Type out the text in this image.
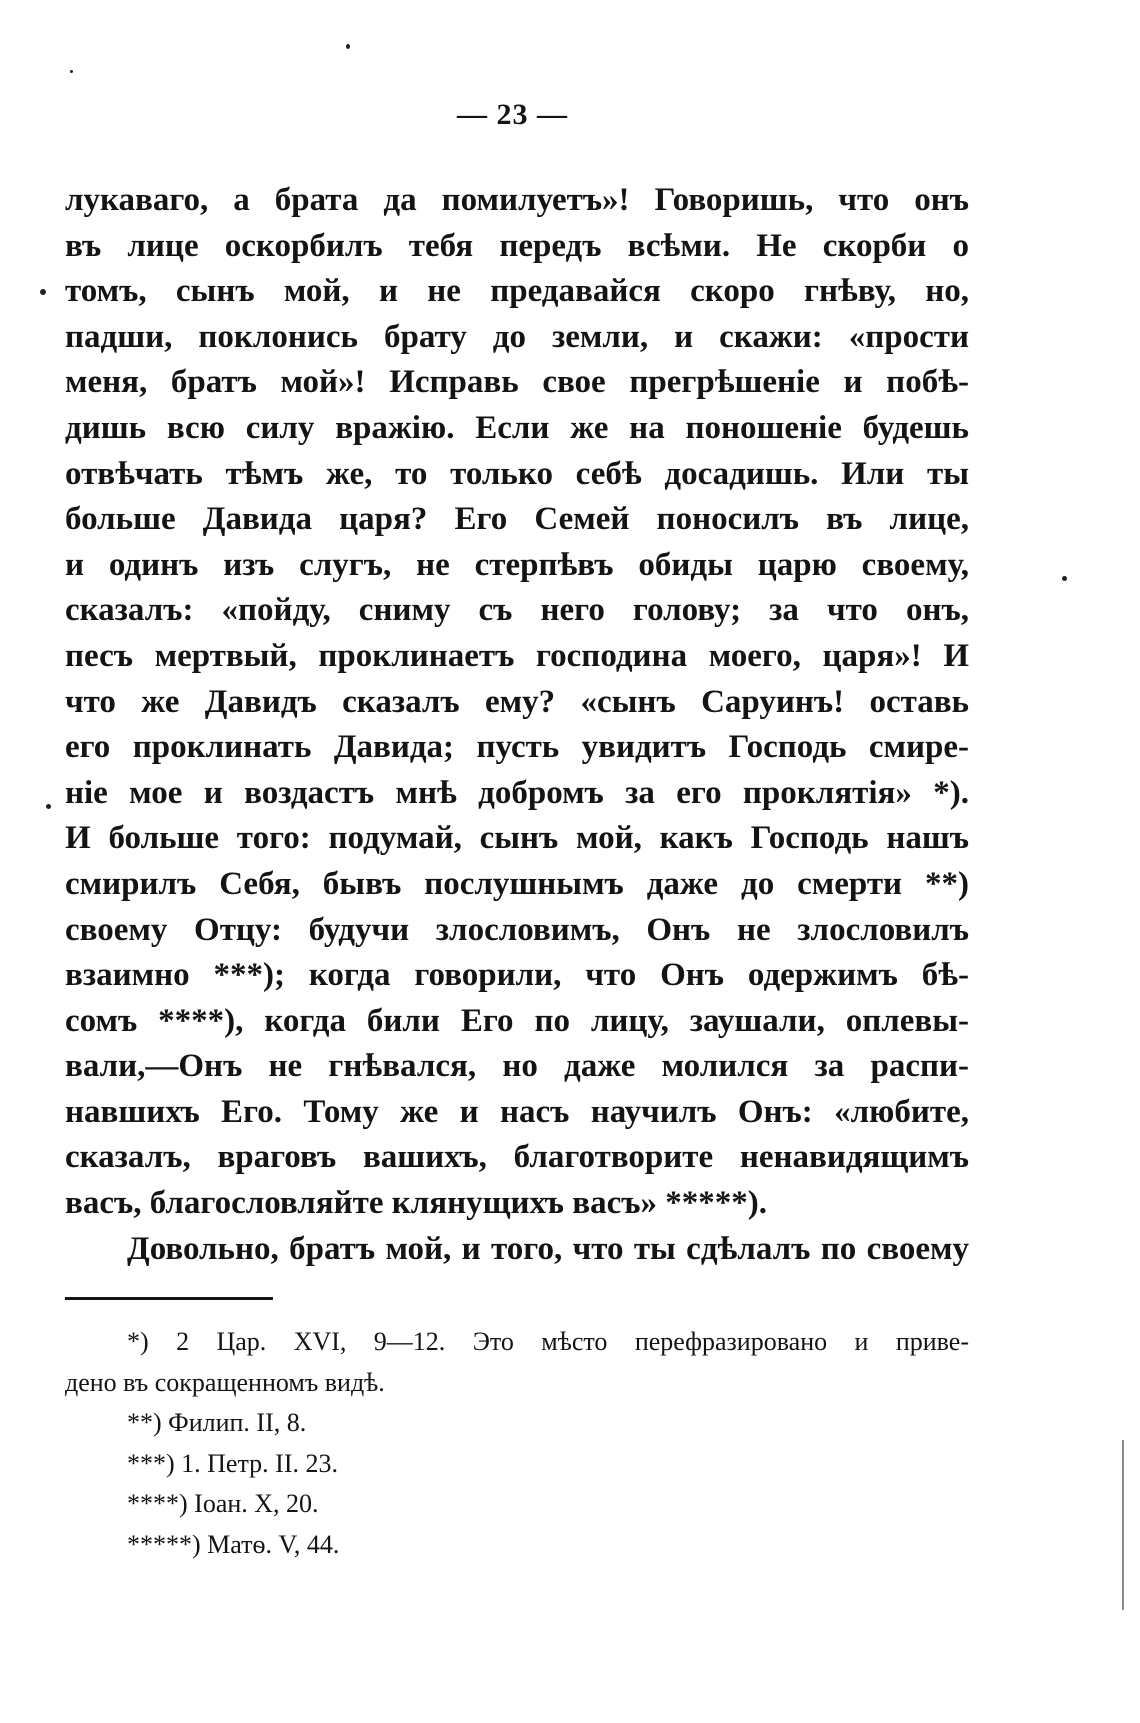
— 23 —
лукаваго, а брата да помилуетъ»! Говоришь, что онъ
въ лице оскорбилъ тебя передъ всѣми. Не скорби о
томъ, сынъ мой, и не предавайся скоро гнѣву, но,
падши, поклонись брату до земли, и скажи: «прости
меня, братъ мой»! Исправь свое прегрѣшеніе и побѣ-
дишь всю силу вражію. Если же на поношеніе будешь
отвѣчать тѣмъ же, то только себѣ досадишь. Или ты
больше Давида царя? Его Семей поносилъ въ лице,
и одинъ изъ слугъ, не стерпѣвъ обиды царю своему,
сказалъ: «пойду, сниму съ него голову; за что онъ,
песъ мертвый, проклинаетъ господина моего, царя»! И
что же Давидъ сказалъ ему? «сынъ Саруинъ! оставь
его проклинать Давида; пусть увидитъ Господь смире-
ніе мое и воздастъ мнѣ добромъ за его проклятія» *).
И больше того: подумай, сынъ мой, какъ Господь нашъ
смирилъ Себя, бывъ послушнымъ даже до смерти **)
своему Отцу: будучи злословимъ, Онъ не злословилъ
взаимно ***); когда говорили, что Онъ одержимъ бѣ-
сомъ ****), когда били Его по лицу, заушали, оплевы-
вали,—Онъ не гнѣвался, но даже молился за распи-
навшихъ Его. Тому же и насъ научилъ Онъ: «любите,
сказалъ, враговъ вашихъ, благотворите ненавидящимъ
васъ, благословляйте клянущихъ васъ» *****).
Довольно, братъ мой, и того, что ты сдѣлалъ по своему
*) 2 Цар. XVI, 9—12. Это мѣсто перефразировано и приве-
дено въ сокращенномъ видѣ.
**) Филип. II, 8.
***) 1. Петр. II. 23.
****) Іоан. X, 20.
*****) Матѳ. V, 44.
